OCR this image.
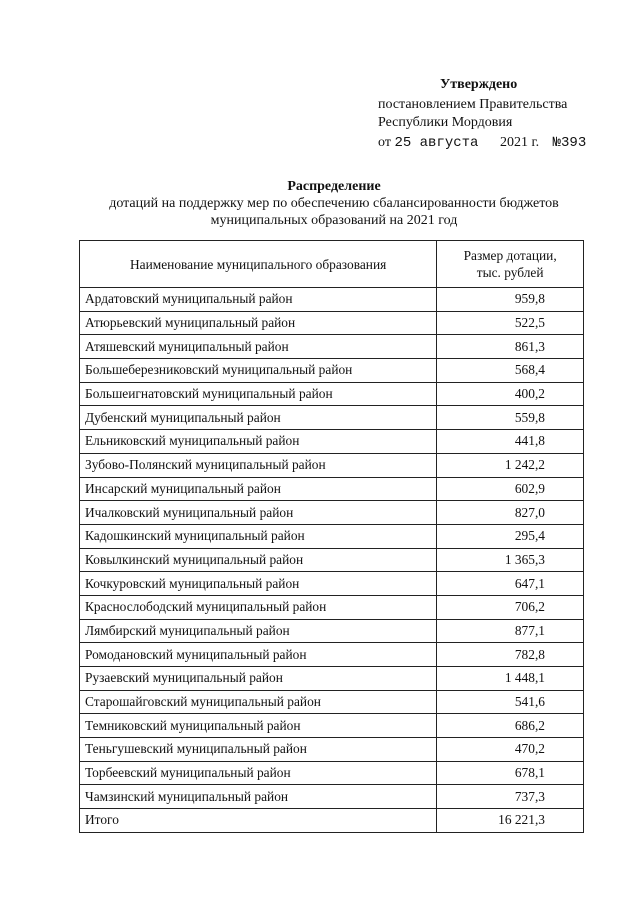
Утверждено
постановлением Правительства
Республики Мордовия
от 25 августа 2021 г. №393
Распределение
дотаций на поддержку мер по обеспечению сбалансированности бюджетов
муниципальных образований на 2021 год
Наименование муниципального образования	Размер дотации,
тыс. рублей

Ардатовский муниципальный район	959,8
Атюрьевский муниципальный район	522,5
Атяшевский муниципальный район	861,3
Большеберезниковский муниципальный район	568,4
Большеигнатовский муниципальный район	400,2
Дубенский муниципальный район	559,8
Ельниковский муниципальный район	441,8
Зубово-Полянский муниципальный район	1 242,2
Инсарский муниципальный район	602,9
Ичалковский муниципальный район	827,0
Кадошкинский муниципальный район	295,4
Ковылкинский муниципальный район	1 365,3
Кочкуровский муниципальный район	647,1
Краснослободский муниципальный район	706,2
Лямбирский муниципальный район	877,1
Ромодановский муниципальный район	782,8
Рузаевский муниципальный район	1 448,1
Старошайговский муниципальный район	541,6
Темниковский муниципальный район	686,2
Теньгушевский муниципальный район	470,2
Торбеевский муниципальный район	678,1
Чамзинский муниципальный район	737,3
Итого	16 221,3
